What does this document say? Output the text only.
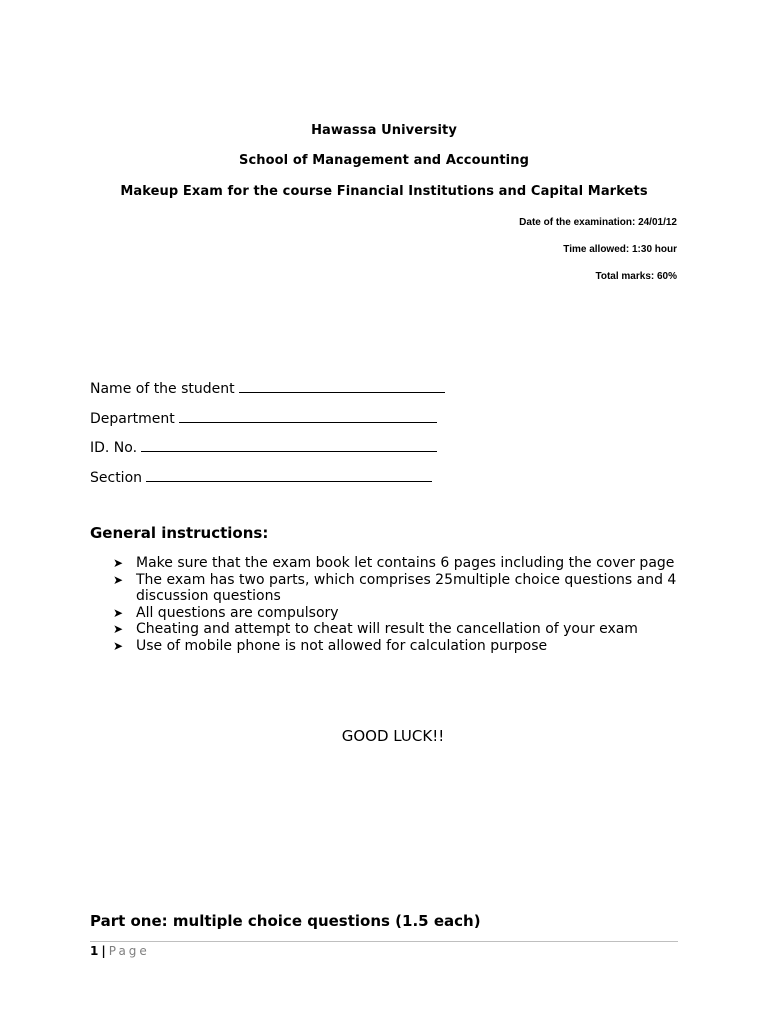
Hawassa University
School of Management and Accounting
Makeup Exam for the course Financial Institutions and Capital Markets
Date of the examination: 24/01/12
Time allowed: 1:30 hour
Total marks: 60%
Name of the student
Department
ID. No.
Section
General instructions:
➤ Make sure that the exam book let contains 6 pages including the cover page
➤ The exam has two parts, which comprises 25multiple choice questions and 4 discussion questions
➤ All questions are compulsory
➤ Cheating and attempt to cheat will result the cancellation of your exam
➤ Use of mobile phone is not allowed for calculation purpose
GOOD LUCK!!
Part one: multiple choice questions (1.5 each)
1 | Page
